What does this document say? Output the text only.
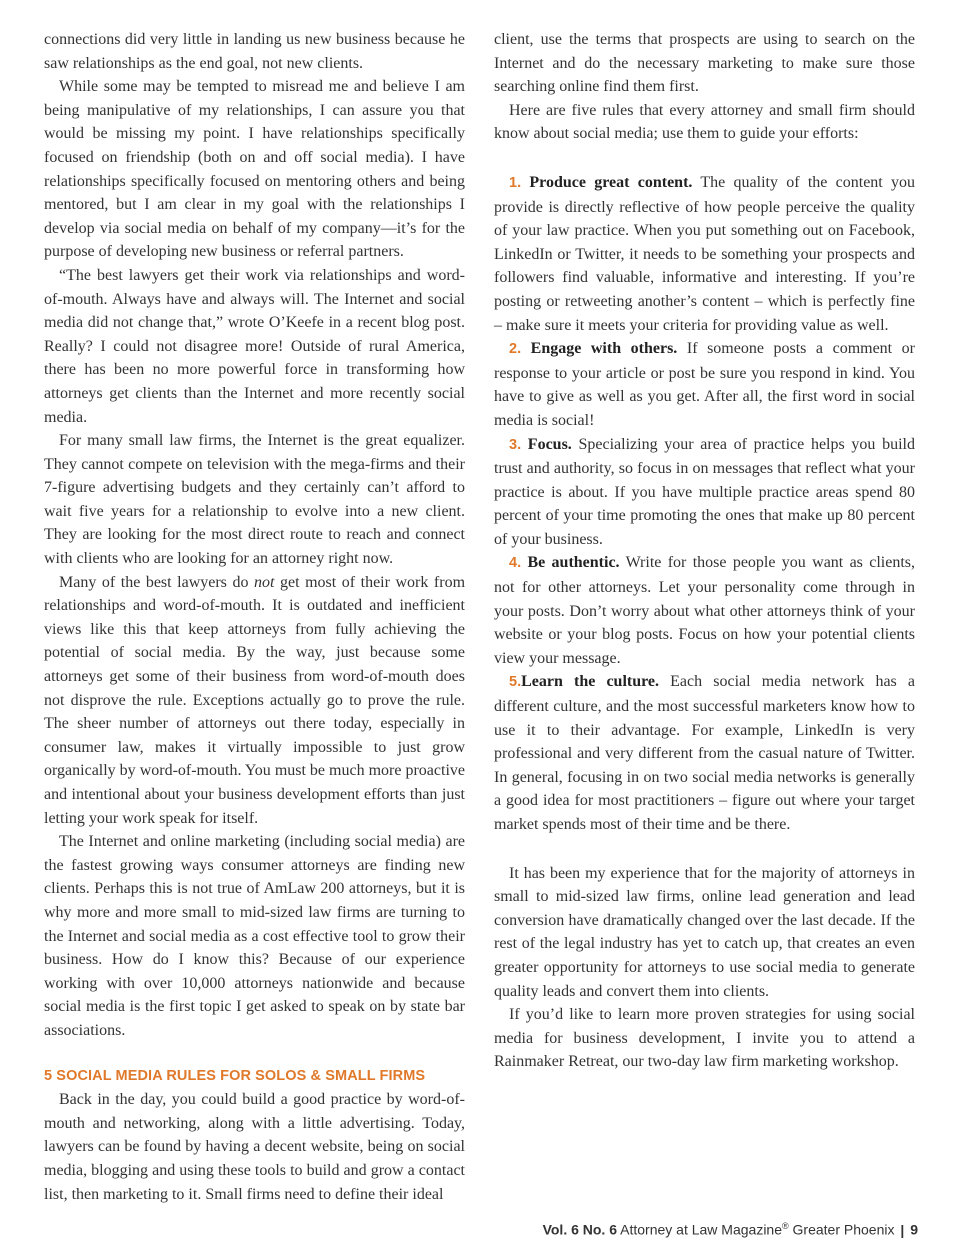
connections did very little in landing us new business because he saw relationships as the end goal, not new clients.

While some may be tempted to misread me and believe I am being manipulative of my relationships, I can assure you that would be missing my point. I have relationships specifically focused on friendship (both on and off social media). I have relationships specifically focused on mentoring others and being mentored, but I am clear in my goal with the relationships I develop via social media on behalf of my company—it’s for the purpose of developing new business or referral partners.

“The best lawyers get their work via relationships and word-of-mouth. Always have and always will. The Internet and social media did not change that,” wrote O’Keefe in a recent blog post. Really? I could not disagree more! Outside of rural America, there has been no more powerful force in transforming how attorneys get clients than the Internet and more recently social media.

For many small law firms, the Internet is the great equalizer. They cannot compete on television with the mega-firms and their 7-figure advertising budgets and they certainly can’t afford to wait five years for a relationship to evolve into a new client. They are looking for the most direct route to reach and connect with clients who are looking for an attorney right now.

Many of the best lawyers do not get most of their work from relationships and word-of-mouth. It is outdated and inefficient views like this that keep attorneys from fully achieving the potential of social media. By the way, just because some attorneys get some of their business from word-of-mouth does not disprove the rule. Exceptions actually go to prove the rule. The sheer number of attorneys out there today, especially in consumer law, makes it virtually impossible to just grow organically by word-of-mouth. You must be much more proactive and intentional about your business development efforts than just letting your work speak for itself.

The Internet and online marketing (including social media) are the fastest growing ways consumer attorneys are finding new clients. Perhaps this is not true of AmLaw 200 attorneys, but it is why more and more small to mid-sized law firms are turning to the Internet and social media as a cost effective tool to grow their business. How do I know this? Because of our experience working with over 10,000 attorneys nationwide and because social media is the first topic I get asked to speak on by state bar associations.

5 SOCIAL MEDIA RULES FOR SOLOS & SMALL FIRMS

Back in the day, you could build a good practice by word-of-mouth and networking, along with a little advertising. Today, lawyers can be found by having a decent website, being on social media, blogging and using these tools to build and grow a contact list, then marketing to it. Small firms need to define their ideal

client, use the terms that prospects are using to search on the Internet and do the necessary marketing to make sure those searching online find them first.

Here are five rules that every attorney and small firm should know about social media; use them to guide your efforts:

1. Produce great content. The quality of the content you provide is directly reflective of how people perceive the quality of your law practice. When you put something out on Facebook, LinkedIn or Twitter, it needs to be something your prospects and followers find valuable, informative and interesting. If you’re posting or retweeting another’s content – which is perfectly fine – make sure it meets your criteria for providing value as well.

2. Engage with others. If someone posts a comment or response to your article or post be sure you respond in kind. You have to give as well as you get. After all, the first word in social media is social!

3. Focus. Specializing your area of practice helps you build trust and authority, so focus in on messages that reflect what your practice is about. If you have multiple practice areas spend 80 percent of your time promoting the ones that make up 80 percent of your business.

4. Be authentic. Write for those people you want as clients, not for other attorneys. Let your personality come through in your posts. Don’t worry about what other attorneys think of your website or your blog posts. Focus on how your potential clients view your message.

5.Learn the culture. Each social media network has a different culture, and the most successful marketers know how to use it to their advantage. For example, LinkedIn is very professional and very different from the casual nature of Twitter. In general, focusing in on two social media networks is generally a good idea for most practitioners – figure out where your target market spends most of their time and be there.

It has been my experience that for the majority of attorneys in small to mid-sized law firms, online lead generation and lead conversion have dramatically changed over the last decade. If the rest of the legal industry has yet to catch up, that creates an even greater opportunity for attorneys to use social media to generate quality leads and convert them into clients.

If you’d like to learn more proven strategies for using social media for business development, I invite you to attend a Rainmaker Retreat, our two-day law firm marketing workshop.

Vol. 6 No. 6 Attorney at Law Magazine® Greater Phoenix | 9
